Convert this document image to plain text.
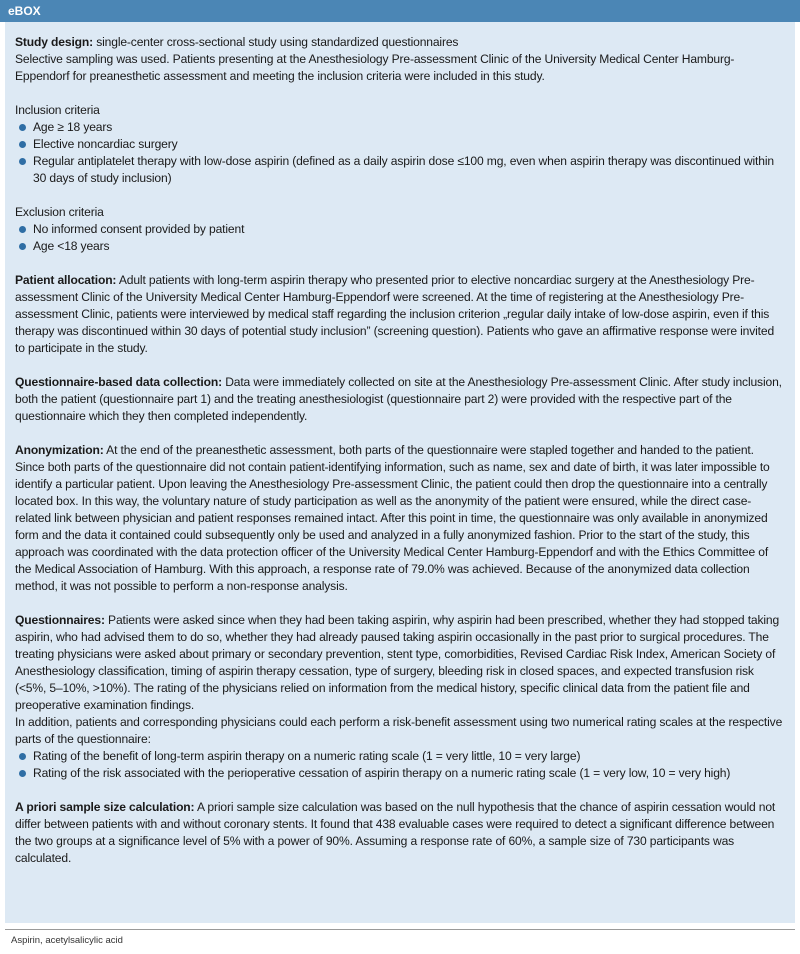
eBOX

Study design: single-center cross-sectional study using standardized questionnaires

Selective sampling was used. Patients presenting at the Anesthesiology Pre-assessment Clinic of the University Medical Center Hamburg-Eppendorf for preanesthetic assessment and meeting the inclusion criteria were included in this study.

Inclusion criteria

Age ≥ 18 years
Elective noncardiac surgery
Regular antiplatelet therapy with low-dose aspirin (defined as a daily aspirin dose ≤100 mg, even when aspirin therapy was discontinued within 30 days of study inclusion)

Exclusion criteria

No informed consent provided by patient
Age <18 years

Patient allocation: Adult patients with long-term aspirin therapy who presented prior to elective noncardiac surgery at the Anesthesiology Pre-assessment Clinic of the University Medical Center Hamburg-Eppendorf were screened. At the time of registering at the Anesthesiology Pre-assessment Clinic, patients were interviewed by medical staff regarding the inclusion criterion „regular daily intake of low-dose aspirin, even if this therapy was discontinued within 30 days of potential study inclusion” (screening question). Patients who gave an affirmative response were invited to participate in the study.

Questionnaire-based data collection: Data were immediately collected on site at the Anesthesiology Pre-assessment Clinic. After study inclusion, both the patient (questionnaire part 1) and the treating anesthesiologist (questionnaire part 2) were provided with the respective part of the questionnaire which they then completed independently.

Anonymization: At the end of the preanesthetic assessment, both parts of the questionnaire were stapled together and handed to the patient. Since both parts of the questionnaire did not contain patient-identifying information, such as name, sex and date of birth, it was later impossible to identify a particular patient. Upon leaving the Anesthesiology Pre-assessment Clinic, the patient could then drop the questionnaire into a centrally located box. In this way, the voluntary nature of study participation as well as the anonymity of the patient were ensured, while the direct case-related link between physician and patient responses remained intact. After this point in time, the questionnaire was only available in anonymized form and the data it contained could subsequently only be used and analyzed in a fully anonymized fashion. Prior to the start of the study, this approach was coordinated with the data protection officer of the University Medical Center Hamburg-Eppendorf and with the Ethics Committee of the Medical Association of Hamburg. With this approach, a response rate of 79.0% was achieved. Because of the anonymized data collection method, it was not possible to perform a non-response analysis.

Questionnaires: Patients were asked since when they had been taking aspirin, why aspirin had been prescribed, whether they had stopped taking aspirin, who had advised them to do so, whether they had already paused taking aspirin occasionally in the past prior to surgical procedures. The treating physicians were asked about primary or secondary prevention, stent type, comorbidities, Revised Cardiac Risk Index, American Society of Anesthesiology classification, timing of aspirin therapy cessation, type of surgery, bleeding risk in closed spaces, and expected transfusion risk (<5%, 5–10%, >10%). The rating of the physicians relied on information from the medical history, specific clinical data from the patient file and preoperative examination findings.

In addition, patients and corresponding physicians could each perform a risk-benefit assessment using two numerical rating scales at the respective parts of the questionnaire:

Rating of the benefit of long-term aspirin therapy on a numeric rating scale (1 = very little, 10 = very large)
Rating of the risk associated with the perioperative cessation of aspirin therapy on a numeric rating scale (1 = very low, 10 = very high)

A priori sample size calculation: A priori sample size calculation was based on the null hypothesis that the chance of aspirin cessation would not differ between patients with and without coronary stents. It found that 438 evaluable cases were required to detect a significant difference between the two groups at a significance level of 5% with a power of 90%. Assuming a response rate of 60%, a sample size of 730 participants was calculated.

Aspirin, acetylsalicylic acid
